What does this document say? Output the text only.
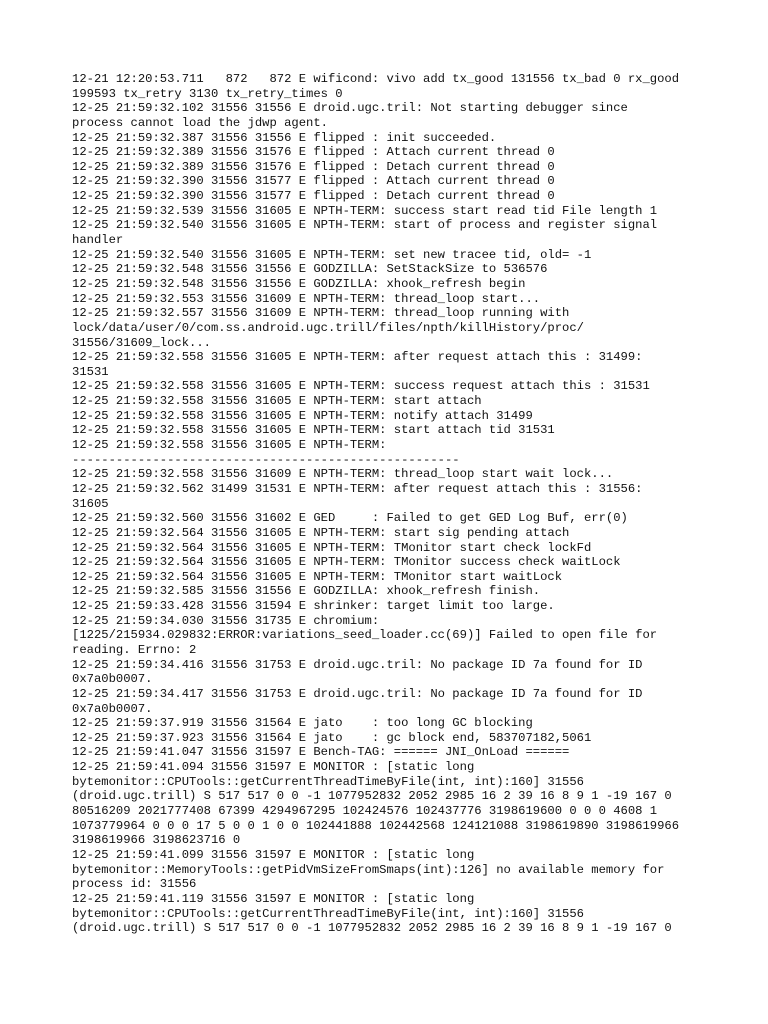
12-21 12:20:53.711   872   872 E wificond: vivo add tx_good 131556 tx_bad 0 rx_good
199593 tx_retry 3130 tx_retry_times 0
12-25 21:59:32.102 31556 31556 E droid.ugc.tril: Not starting debugger since
process cannot load the jdwp agent.
12-25 21:59:32.387 31556 31556 E flipped : init succeeded.
12-25 21:59:32.389 31556 31576 E flipped : Attach current thread 0
12-25 21:59:32.389 31556 31576 E flipped : Detach current thread 0
12-25 21:59:32.390 31556 31577 E flipped : Attach current thread 0
12-25 21:59:32.390 31556 31577 E flipped : Detach current thread 0
12-25 21:59:32.539 31556 31605 E NPTH-TERM: success start read tid File length 1
12-25 21:59:32.540 31556 31605 E NPTH-TERM: start of process and register signal
handler
12-25 21:59:32.540 31556 31605 E NPTH-TERM: set new tracee tid, old= -1
12-25 21:59:32.548 31556 31556 E GODZILLA: SetStackSize to 536576
12-25 21:59:32.548 31556 31556 E GODZILLA: xhook_refresh begin
12-25 21:59:32.553 31556 31609 E NPTH-TERM: thread_loop start...
12-25 21:59:32.557 31556 31609 E NPTH-TERM: thread_loop running with
lock/data/user/0/com.ss.android.ugc.trill/files/npth/killHistory/proc/
31556/31609_lock...
12-25 21:59:32.558 31556 31605 E NPTH-TERM: after request attach this : 31499:
31531
12-25 21:59:32.558 31556 31605 E NPTH-TERM: success request attach this : 31531
12-25 21:59:32.558 31556 31605 E NPTH-TERM: start attach
12-25 21:59:32.558 31556 31605 E NPTH-TERM: notify attach 31499
12-25 21:59:32.558 31556 31605 E NPTH-TERM: start attach tid 31531
12-25 21:59:32.558 31556 31605 E NPTH-TERM:
-----------------------------------------------------
12-25 21:59:32.558 31556 31609 E NPTH-TERM: thread_loop start wait lock...
12-25 21:59:32.562 31499 31531 E NPTH-TERM: after request attach this : 31556:
31605
12-25 21:59:32.560 31556 31602 E GED     : Failed to get GED Log Buf, err(0)
12-25 21:59:32.564 31556 31605 E NPTH-TERM: start sig pending attach
12-25 21:59:32.564 31556 31605 E NPTH-TERM: TMonitor start check lockFd
12-25 21:59:32.564 31556 31605 E NPTH-TERM: TMonitor success check waitLock
12-25 21:59:32.564 31556 31605 E NPTH-TERM: TMonitor start waitLock
12-25 21:59:32.585 31556 31556 E GODZILLA: xhook_refresh finish.
12-25 21:59:33.428 31556 31594 E shrinker: target limit too large.
12-25 21:59:34.030 31556 31735 E chromium:
[1225/215934.029832:ERROR:variations_seed_loader.cc(69)] Failed to open file for
reading. Errno: 2
12-25 21:59:34.416 31556 31753 E droid.ugc.tril: No package ID 7a found for ID
0x7a0b0007.
12-25 21:59:34.417 31556 31753 E droid.ugc.tril: No package ID 7a found for ID
0x7a0b0007.
12-25 21:59:37.919 31556 31564 E jato    : too long GC blocking
12-25 21:59:37.923 31556 31564 E jato    : gc block end, 583707182,5061
12-25 21:59:41.047 31556 31597 E Bench-TAG: ====== JNI_OnLoad ======
12-25 21:59:41.094 31556 31597 E MONITOR : [static long
bytemonitor::CPUTools::getCurrentThreadTimeByFile(int, int):160] 31556
(droid.ugc.trill) S 517 517 0 0 -1 1077952832 2052 2985 16 2 39 16 8 9 1 -19 167 0
80516209 2021777408 67399 4294967295 102424576 102437776 3198619600 0 0 0 4608 1
1073779964 0 0 0 17 5 0 0 1 0 0 102441888 102442568 124121088 3198619890 3198619966
3198619966 3198623716 0
12-25 21:59:41.099 31556 31597 E MONITOR : [static long
bytemonitor::MemoryTools::getPidVmSizeFromSmaps(int):126] no available memory for
process id: 31556
12-25 21:59:41.119 31556 31597 E MONITOR : [static long
bytemonitor::CPUTools::getCurrentThreadTimeByFile(int, int):160] 31556
(droid.ugc.trill) S 517 517 0 0 -1 1077952832 2052 2985 16 2 39 16 8 9 1 -19 167 0
